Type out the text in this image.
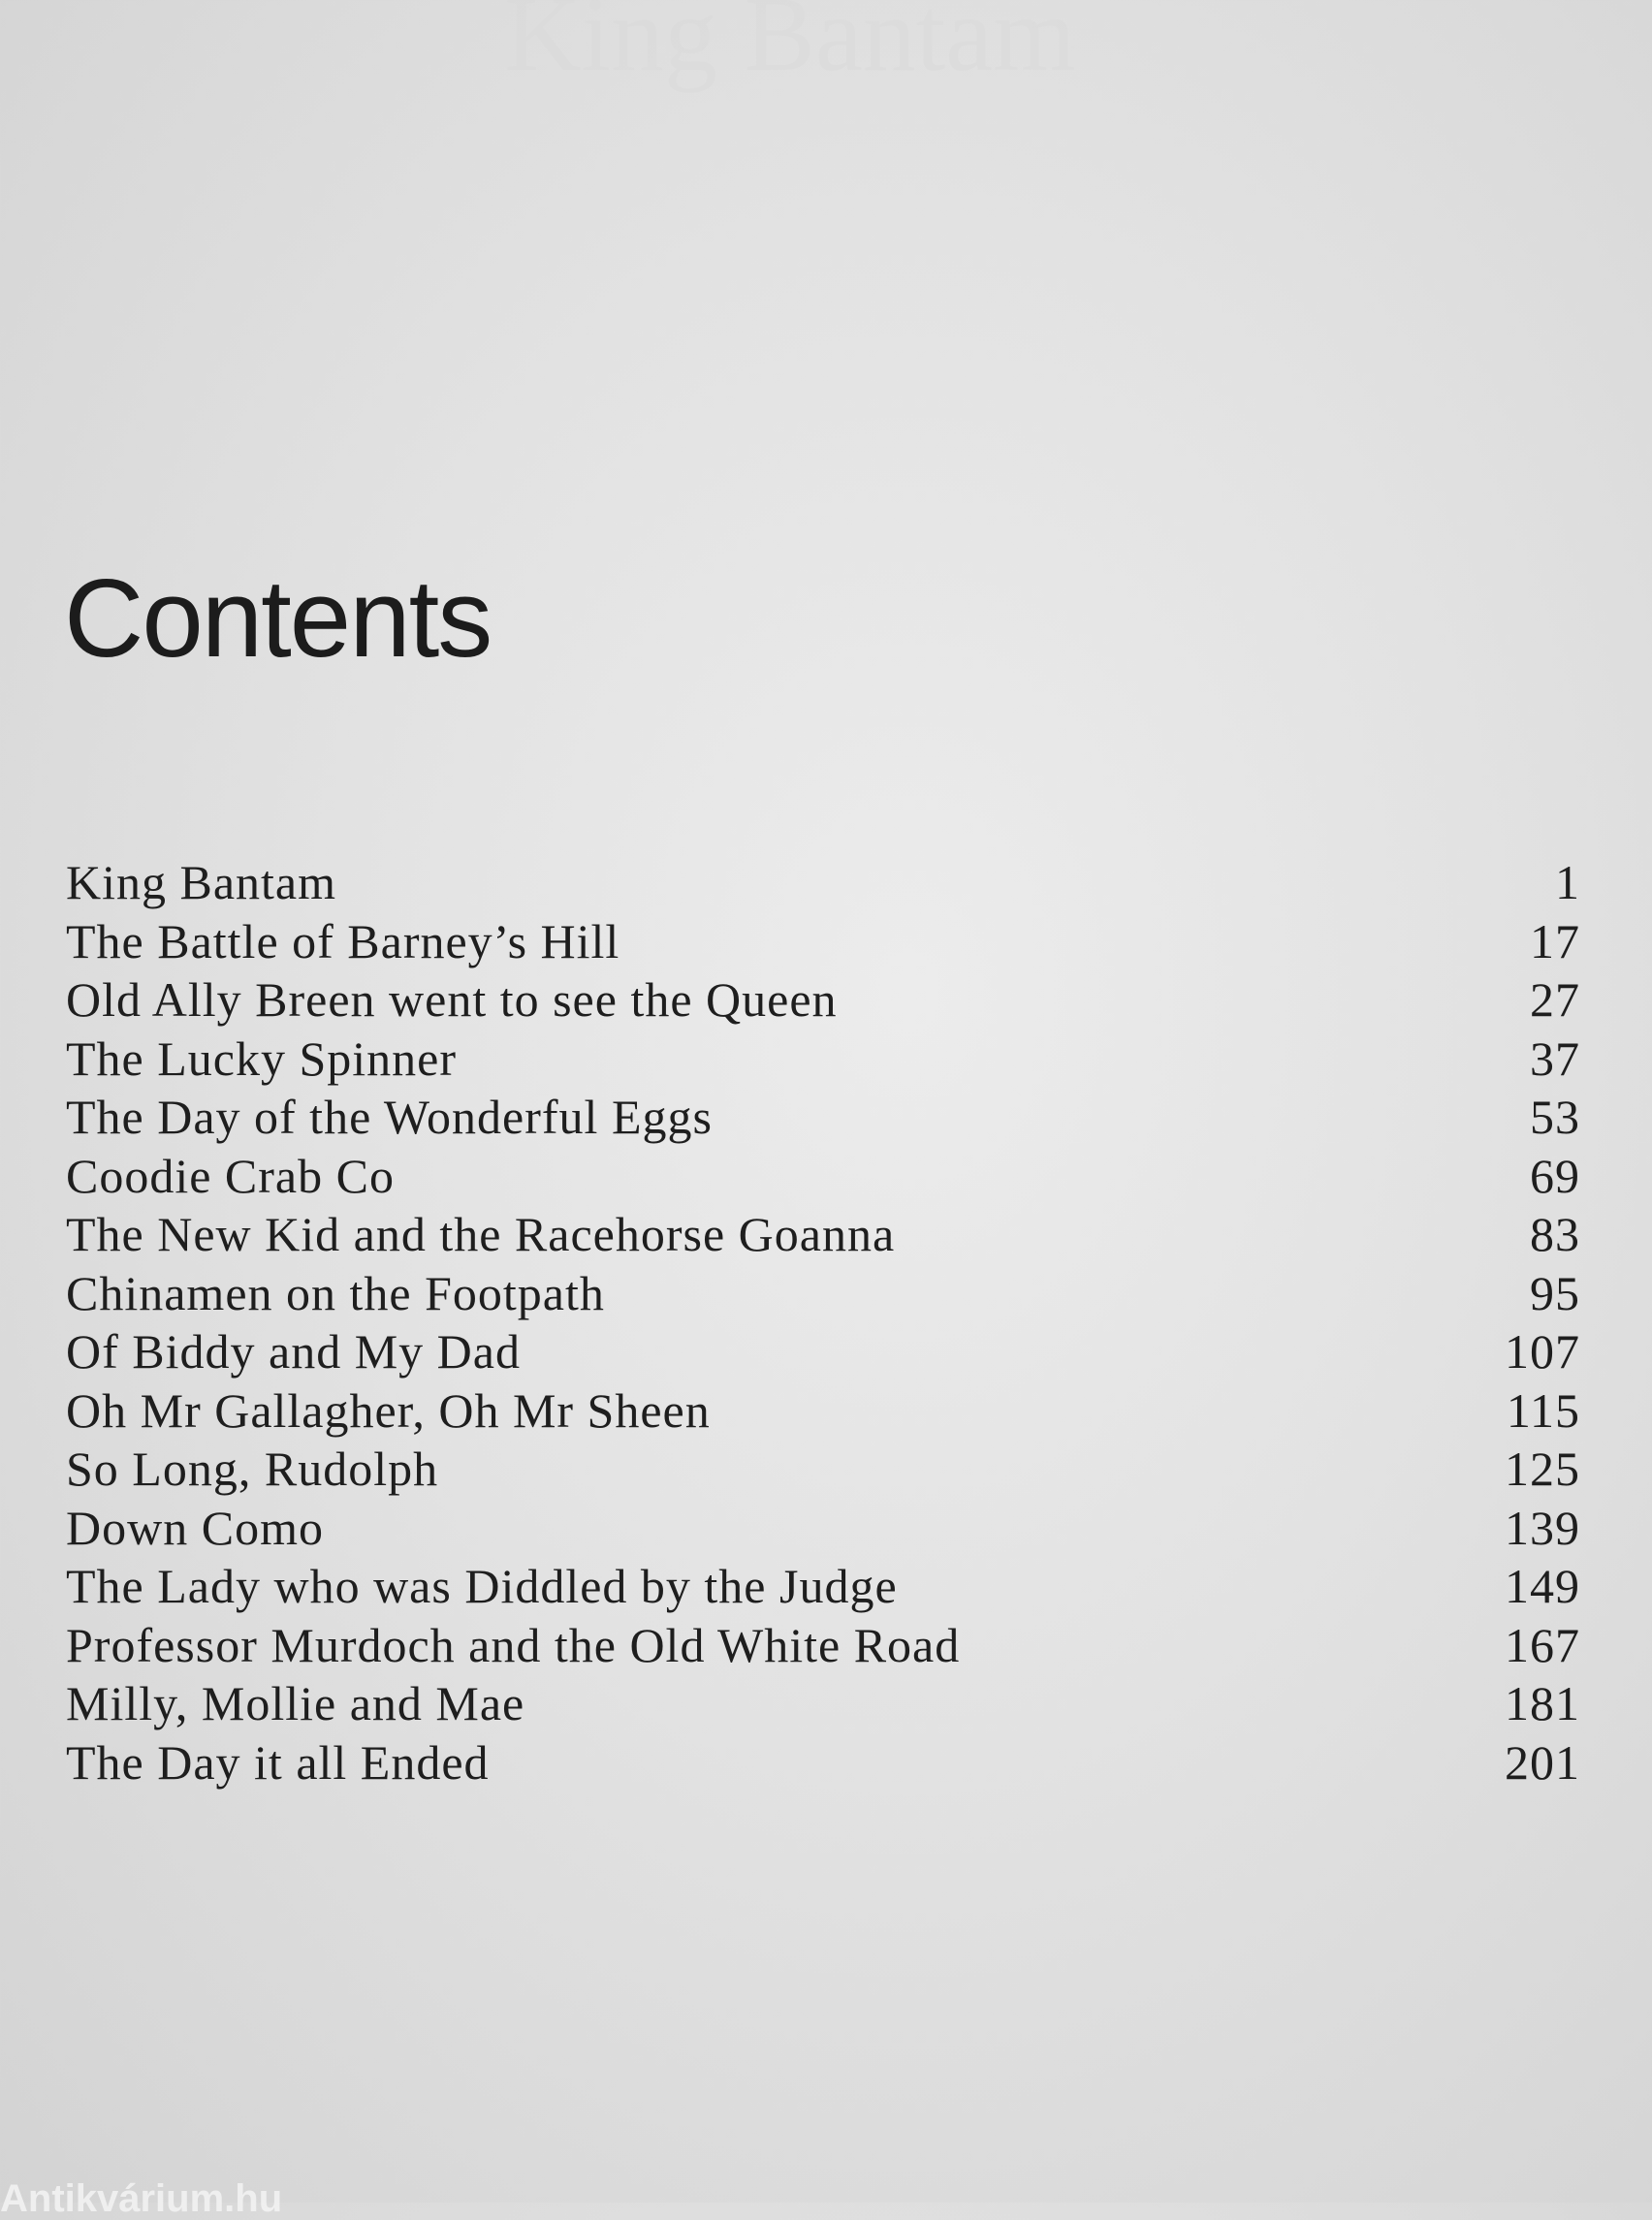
King Bantam
Contents
King Bantam	1
The Battle of Barney’s Hill	17
Old Ally Breen went to see the Queen	27
The Lucky Spinner	37
The Day of the Wonderful Eggs	53
Coodie Crab Co	69
The New Kid and the Racehorse Goanna	83
Chinamen on the Footpath	95
Of Biddy and My Dad	107
Oh Mr Gallagher, Oh Mr Sheen	115
So Long, Rudolph	125
Down Como	139
The Lady who was Diddled by the Judge	149
Professor Murdoch and the Old White Road	167
Milly, Mollie and Mae	181
The Day it all Ended	201
Antikvárium.hu
